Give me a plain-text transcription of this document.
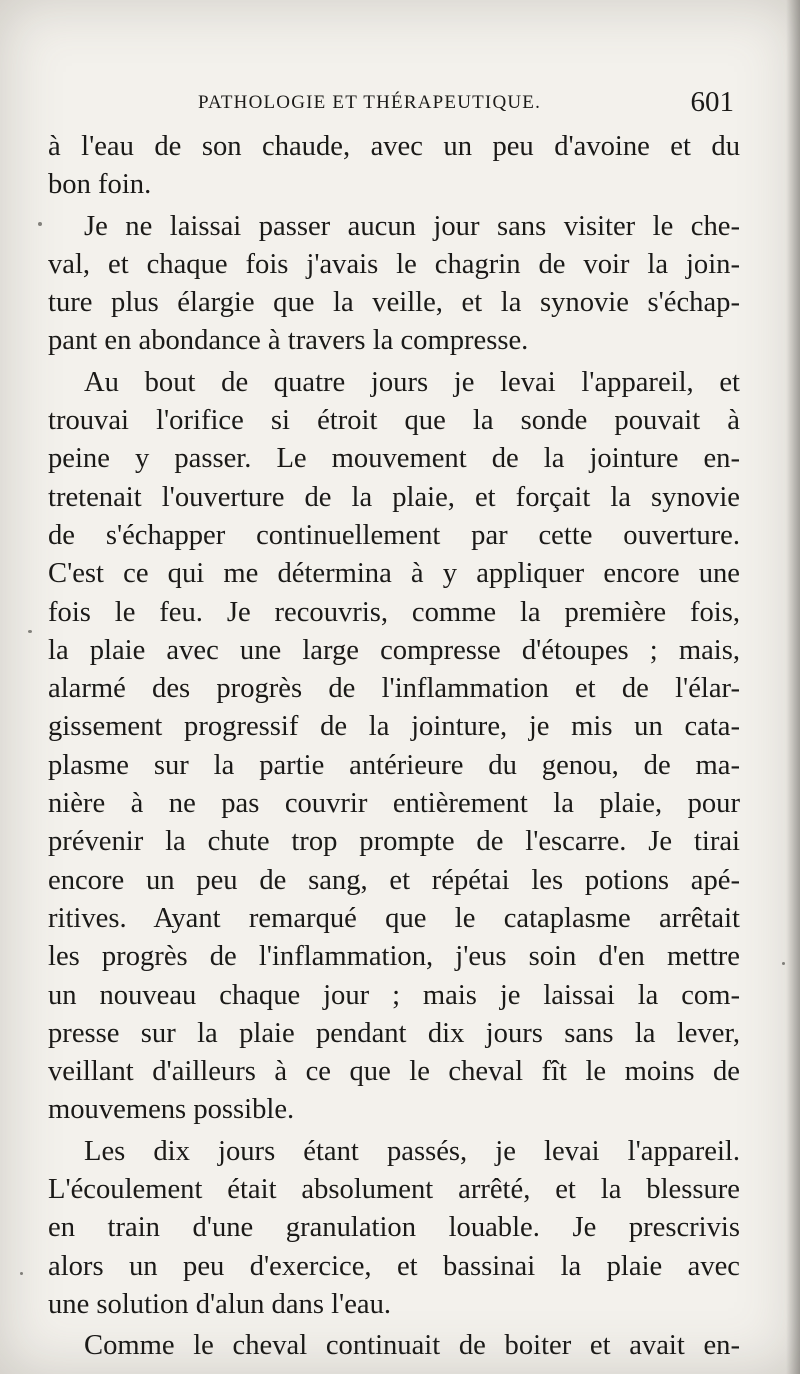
PATHOLOGIE ET THÉRAPEUTIQUE.	601
à l'eau de son chaude, avec un peu d'avoine et du
bon foin.
Je ne laissai passer aucun jour sans visiter le che-
val, et chaque fois j'avais le chagrin de voir la join-
ture plus élargie que la veille, et la synovie s'échap-
pant en abondance à travers la compresse.
Au bout de quatre jours je levai l'appareil, et
trouvai l'orifice si étroit que la sonde pouvait à
peine y passer. Le mouvement de la jointure en-
tretenait l'ouverture de la plaie, et forçait la synovie
de s'échapper continuellement par cette ouverture.
C'est ce qui me détermina à y appliquer encore une
fois le feu. Je recouvris, comme la première fois,
la plaie avec une large compresse d'étoupes ; mais,
alarmé des progrès de l'inflammation et de l'élar-
gissement progressif de la jointure, je mis un cata-
plasme sur la partie antérieure du genou, de ma-
nière à ne pas couvrir entièrement la plaie, pour
prévenir la chute trop prompte de l'escarre. Je tirai
encore un peu de sang, et répétai les potions apé-
ritives. Ayant remarqué que le cataplasme arrêtait
les progrès de l'inflammation, j'eus soin d'en mettre
un nouveau chaque jour ; mais je laissai la com-
presse sur la plaie pendant dix jours sans la lever,
veillant d'ailleurs à ce que le cheval fît le moins de
mouvemens possible.
Les dix jours étant passés, je levai l'appareil.
L'écoulement était absolument arrêté, et la blessure
en train d'une granulation louable. Je prescrivis
alors un peu d'exercice, et bassinai la plaie avec
une solution d'alun dans l'eau.
Comme le cheval continuait de boiter et avait en-
